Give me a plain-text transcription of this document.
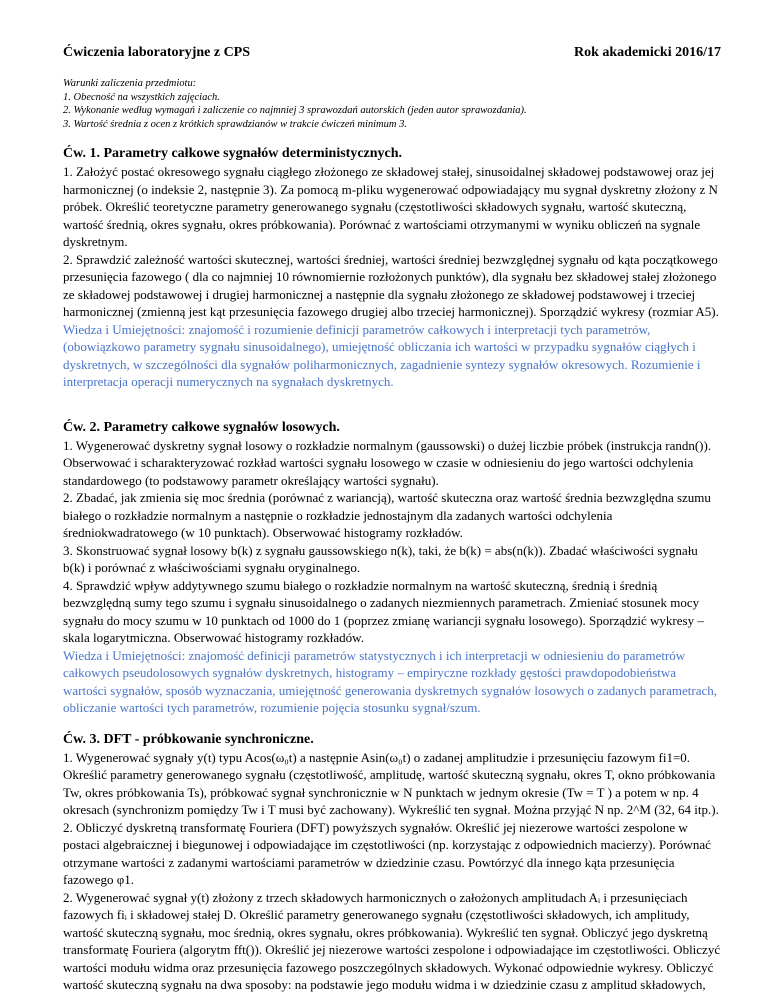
Ćwiczenia laboratoryjne z CPS	Rok akademicki 2016/17
Warunki zaliczenia przedmiotu:
1. Obecność na wszystkich zajęciach.
2. Wykonanie według wymagań i zaliczenie co najmniej 3 sprawozdań autorskich (jeden autor sprawozdania).
3. Wartość średnia z ocen z krótkich sprawdzianów w trakcie ćwiczeń minimum 3.
Ćw. 1. Parametry całkowe sygnałów deterministycznych.

1. Założyć postać okresowego sygnału ciągłego złożonego ze składowej stałej, sinusoidalnej składowej podstawowej oraz jej harmonicznej (o indeksie 2, następnie 3). Za pomocą m-pliku wygenerować odpowiadający mu sygnał dyskretny złożony z N próbek. Określić teoretyczne parametry generowanego sygnału (częstotliwości składowych sygnału, wartość skuteczną, wartość średnią, okres sygnału, okres próbkowania). Porównać z wartościami otrzymanymi w wyniku obliczeń na sygnale dyskretnym.

2. Sprawdzić zależność wartości skutecznej, wartości średniej, wartości średniej bezwzględnej sygnału od kąta początkowego przesunięcia fazowego ( dla co najmniej 10 równomiernie rozłożonych punktów), dla sygnału bez składowej stałej złożonego ze składowej podstawowej i drugiej harmonicznej a następnie dla sygnału złożonego ze składowej podstawowej i trzeciej harmonicznej (zmienną jest kąt przesunięcia fazowego drugiej albo trzeciej harmonicznej). Sporządzić wykresy (rozmiar A5).

Wiedza i Umiejętności: znajomość i rozumienie definicji parametrów całkowych i interpretacji tych parametrów, (obowiązkowo parametry sygnału sinusoidalnego), umiejętność obliczania ich wartości w przypadku sygnałów ciągłych i dyskretnych, w szczególności dla sygnałów poliharmonicznych, zagadnienie syntezy sygnałów okresowych. Rozumienie i interpretacja operacji numerycznych na sygnałach dyskretnych.

Ćw. 2. Parametry całkowe sygnałów losowych.

1. Wygenerować dyskretny sygnał losowy o rozkładzie normalnym (gaussowski) o dużej liczbie próbek (instrukcja randn()). Obserwować i scharakteryzować rozkład wartości sygnału losowego w czasie w odniesieniu do jego wartości odchylenia standardowego (to podstawowy parametr określający wartości sygnału).

2. Zbadać, jak zmienia się moc średnia (porównać z wariancją), wartość skuteczna oraz wartość średnia bezwzględna szumu białego o rozkładzie normalnym a następnie o rozkładzie jednostajnym dla zadanych wartości odchylenia średniokwadratowego (w 10 punktach). Obserwować histogramy rozkładów.

3. Skonstruować sygnał losowy b(k) z sygnału gaussowskiego n(k), taki, że b(k) = abs(n(k)). Zbadać właściwości sygnału b(k) i porównać z właściwościami sygnału oryginalnego.

4. Sprawdzić wpływ addytywnego szumu białego o rozkładzie normalnym na wartość skuteczną, średnią i średnią bezwzględną sumy tego szumu i sygnału sinusoidalnego o zadanych niezmiennych parametrach. Zmieniać stosunek mocy sygnału do mocy szumu w 10 punktach od 1000 do 1 (poprzez zmianę wariancji sygnału losowego). Sporządzić wykresy – skala logarytmiczna. Obserwować histogramy rozkładów.

Wiedza i Umiejętności: znajomość definicji parametrów statystycznych i ich interpretacji w odniesieniu do parametrów całkowych pseudolosowych sygnałów dyskretnych, histogramy – empiryczne rozkłady gęstości prawdopodobieństwa wartości sygnałów, sposób wyznaczania, umiejętność generowania dyskretnych sygnałów losowych o zadanych parametrach, obliczanie wartości tych parametrów, rozumienie pojęcia stosunku sygnał/szum.

Ćw. 3. DFT - próbkowanie synchroniczne.

1. Wygenerować sygnały y(t) typu Acos(ω₀t) a następnie Asin(ω₀t) o zadanej amplitudzie i przesunięciu fazowym fi1=0. Określić parametry generowanego sygnału (częstotliwość, amplitudę, wartość skuteczną sygnału, okres T, okno próbkowania Tw, okres próbkowania Ts), próbkować sygnał synchronicznie w N punktach w jednym okresie (Tw = T ) a potem w np. 4 okresach (synchronizm pomiędzy Tw i T musi być zachowany). Wykreślić ten sygnał. Można przyjąć N np. 2^M (32, 64 itp.).

2. Obliczyć dyskretną transformatę Fouriera (DFT) powyższych sygnałów. Określić jej niezerowe wartości zespolone w postaci algebraicznej i biegunowej i odpowiadające im częstotliwości (np. korzystając z odpowiednich macierzy). Porównać otrzymane wartości z zadanymi wartościami parametrów w dziedzinie czasu. Powtórzyć dla innego kąta przesunięcia fazowego φ1.

2. Wygenerować sygnał y(t) złożony z trzech składowych harmonicznych o założonych amplitudach Aᵢ i przesunięciach fazowych fiᵢ i składowej stałej D. Określić parametry generowanego sygnału (częstotliwości składowych, ich amplitudy, wartość skuteczną sygnału, moc średnią, okres sygnału, okres próbkowania). Wykreślić ten sygnał. Obliczyć jego dyskretną transformatę Fouriera (algorytm fft()). Określić jej niezerowe wartości zespolone i odpowiadające im częstotliwości. Obliczyć wartości modułu widma oraz przesunięcia fazowego poszczególnych składowych. Wykonać odpowiednie wykresy. Obliczyć wartość skuteczną sygnału na dwa sposoby: na podstawie jego modułu widma i w dziedzinie czasu z amplitud składowych,
